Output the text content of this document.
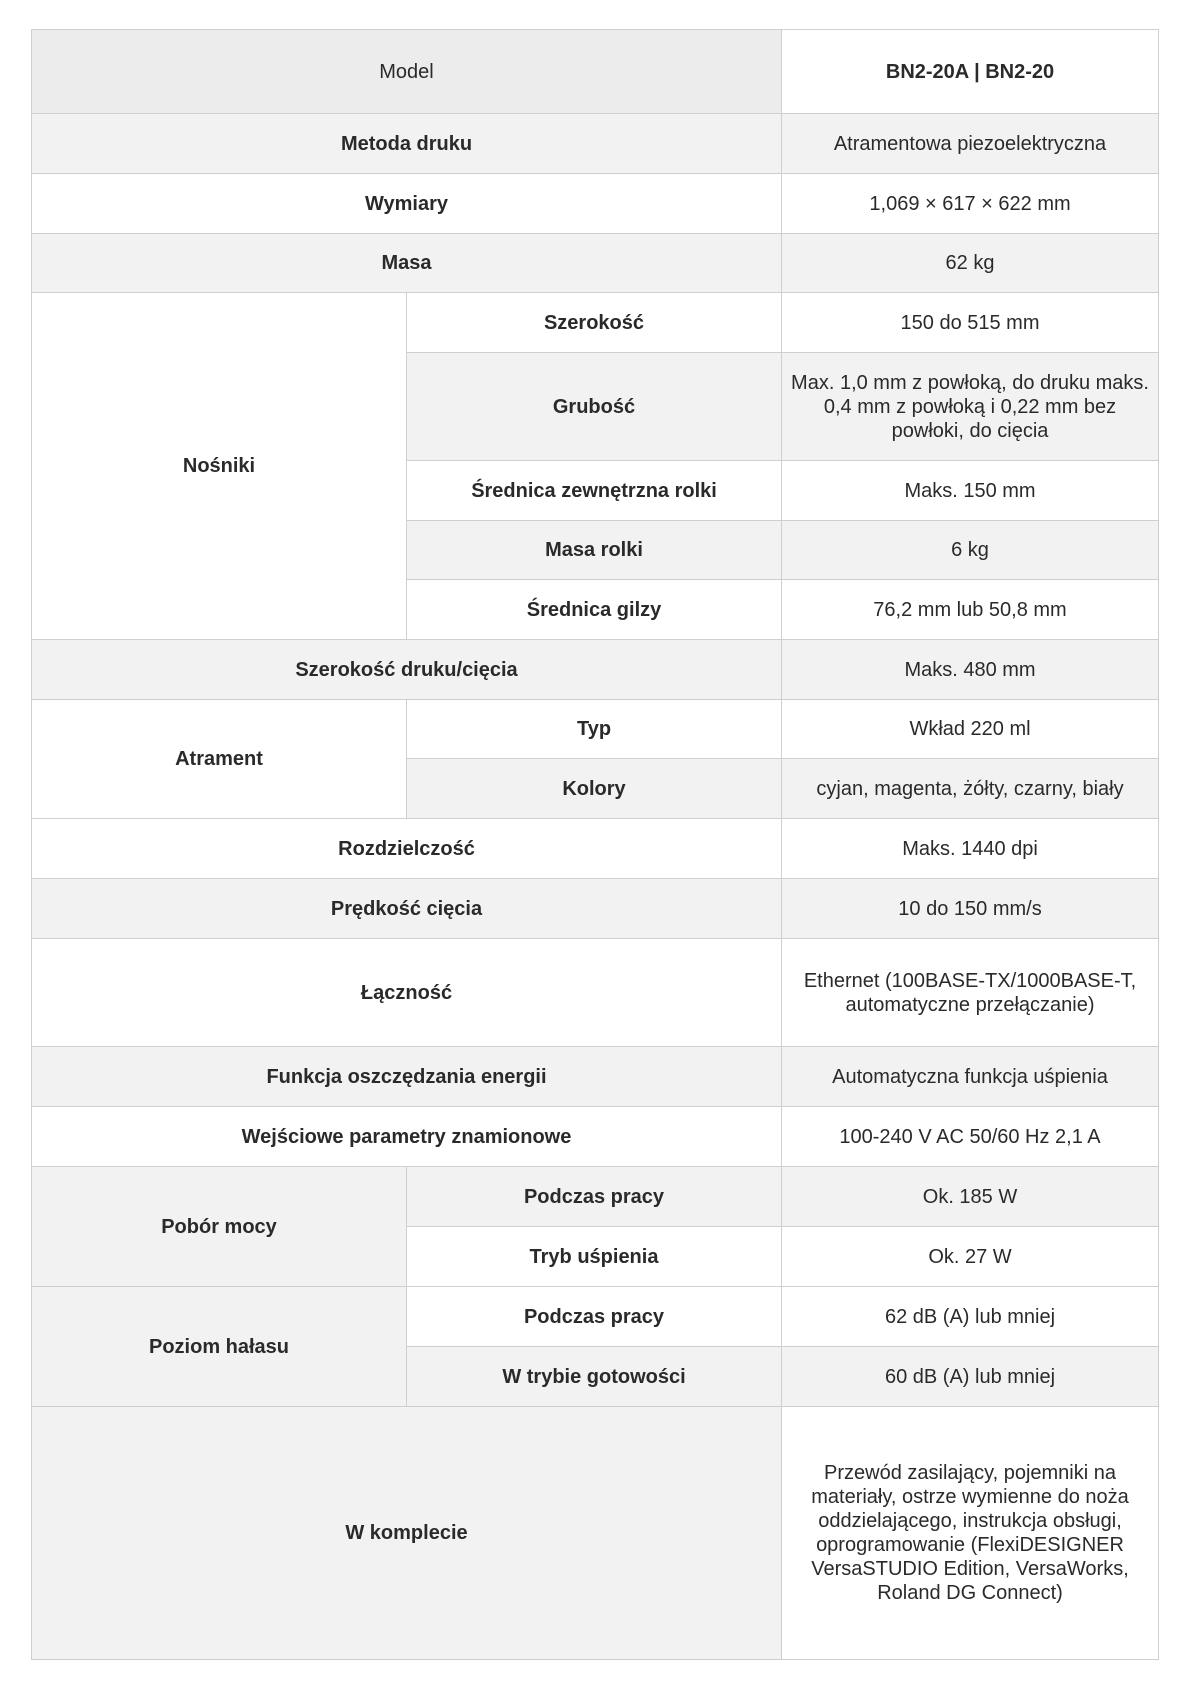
Model		BN2-20A | BN2-20
Metoda druku		Atramentowa piezoelektryczna
Wymiary		1,069 × 617 × 622 mm
Masa		62 kg
Nośniki	Szerokość	150 do 515 mm
	Grubość	Max. 1,0 mm z powłoką, do druku maks. 0,4 mm z powłoką i 0,22 mm bez powłoki, do cięcia
	Średnica zewnętrzna rolki	Maks. 150 mm
	Masa rolki	6 kg
	Średnica gilzy	76,2 mm lub 50,8 mm
Szerokość druku/cięcia		Maks. 480 mm
Atrament	Typ	Wkład 220 ml
	Kolory	cyjan, magenta, żółty, czarny, biały
Rozdzielczość		Maks. 1440 dpi
Prędkość cięcia		10 do 150 mm/s
Łączność		Ethernet (100BASE-TX/1000BASE-T, automatyczne przełączanie)
Funkcja oszczędzania energii		Automatyczna funkcja uśpienia
Wejściowe parametry znamionowe		100-240 V AC 50/60 Hz 2,1 A
Pobór mocy	Podczas pracy	Ok. 185 W
	Tryb uśpienia	Ok. 27 W
Poziom hałasu	Podczas pracy	62 dB (A) lub mniej
	W trybie gotowości	60 dB (A) lub mniej
W komplecie		Przewód zasilający, pojemniki na materiały, ostrze wymienne do noża oddzielającego, instrukcja obsługi, oprogramowanie (FlexiDESIGNER VersaSTUDIO Edition, VersaWorks, Roland DG Connect)
